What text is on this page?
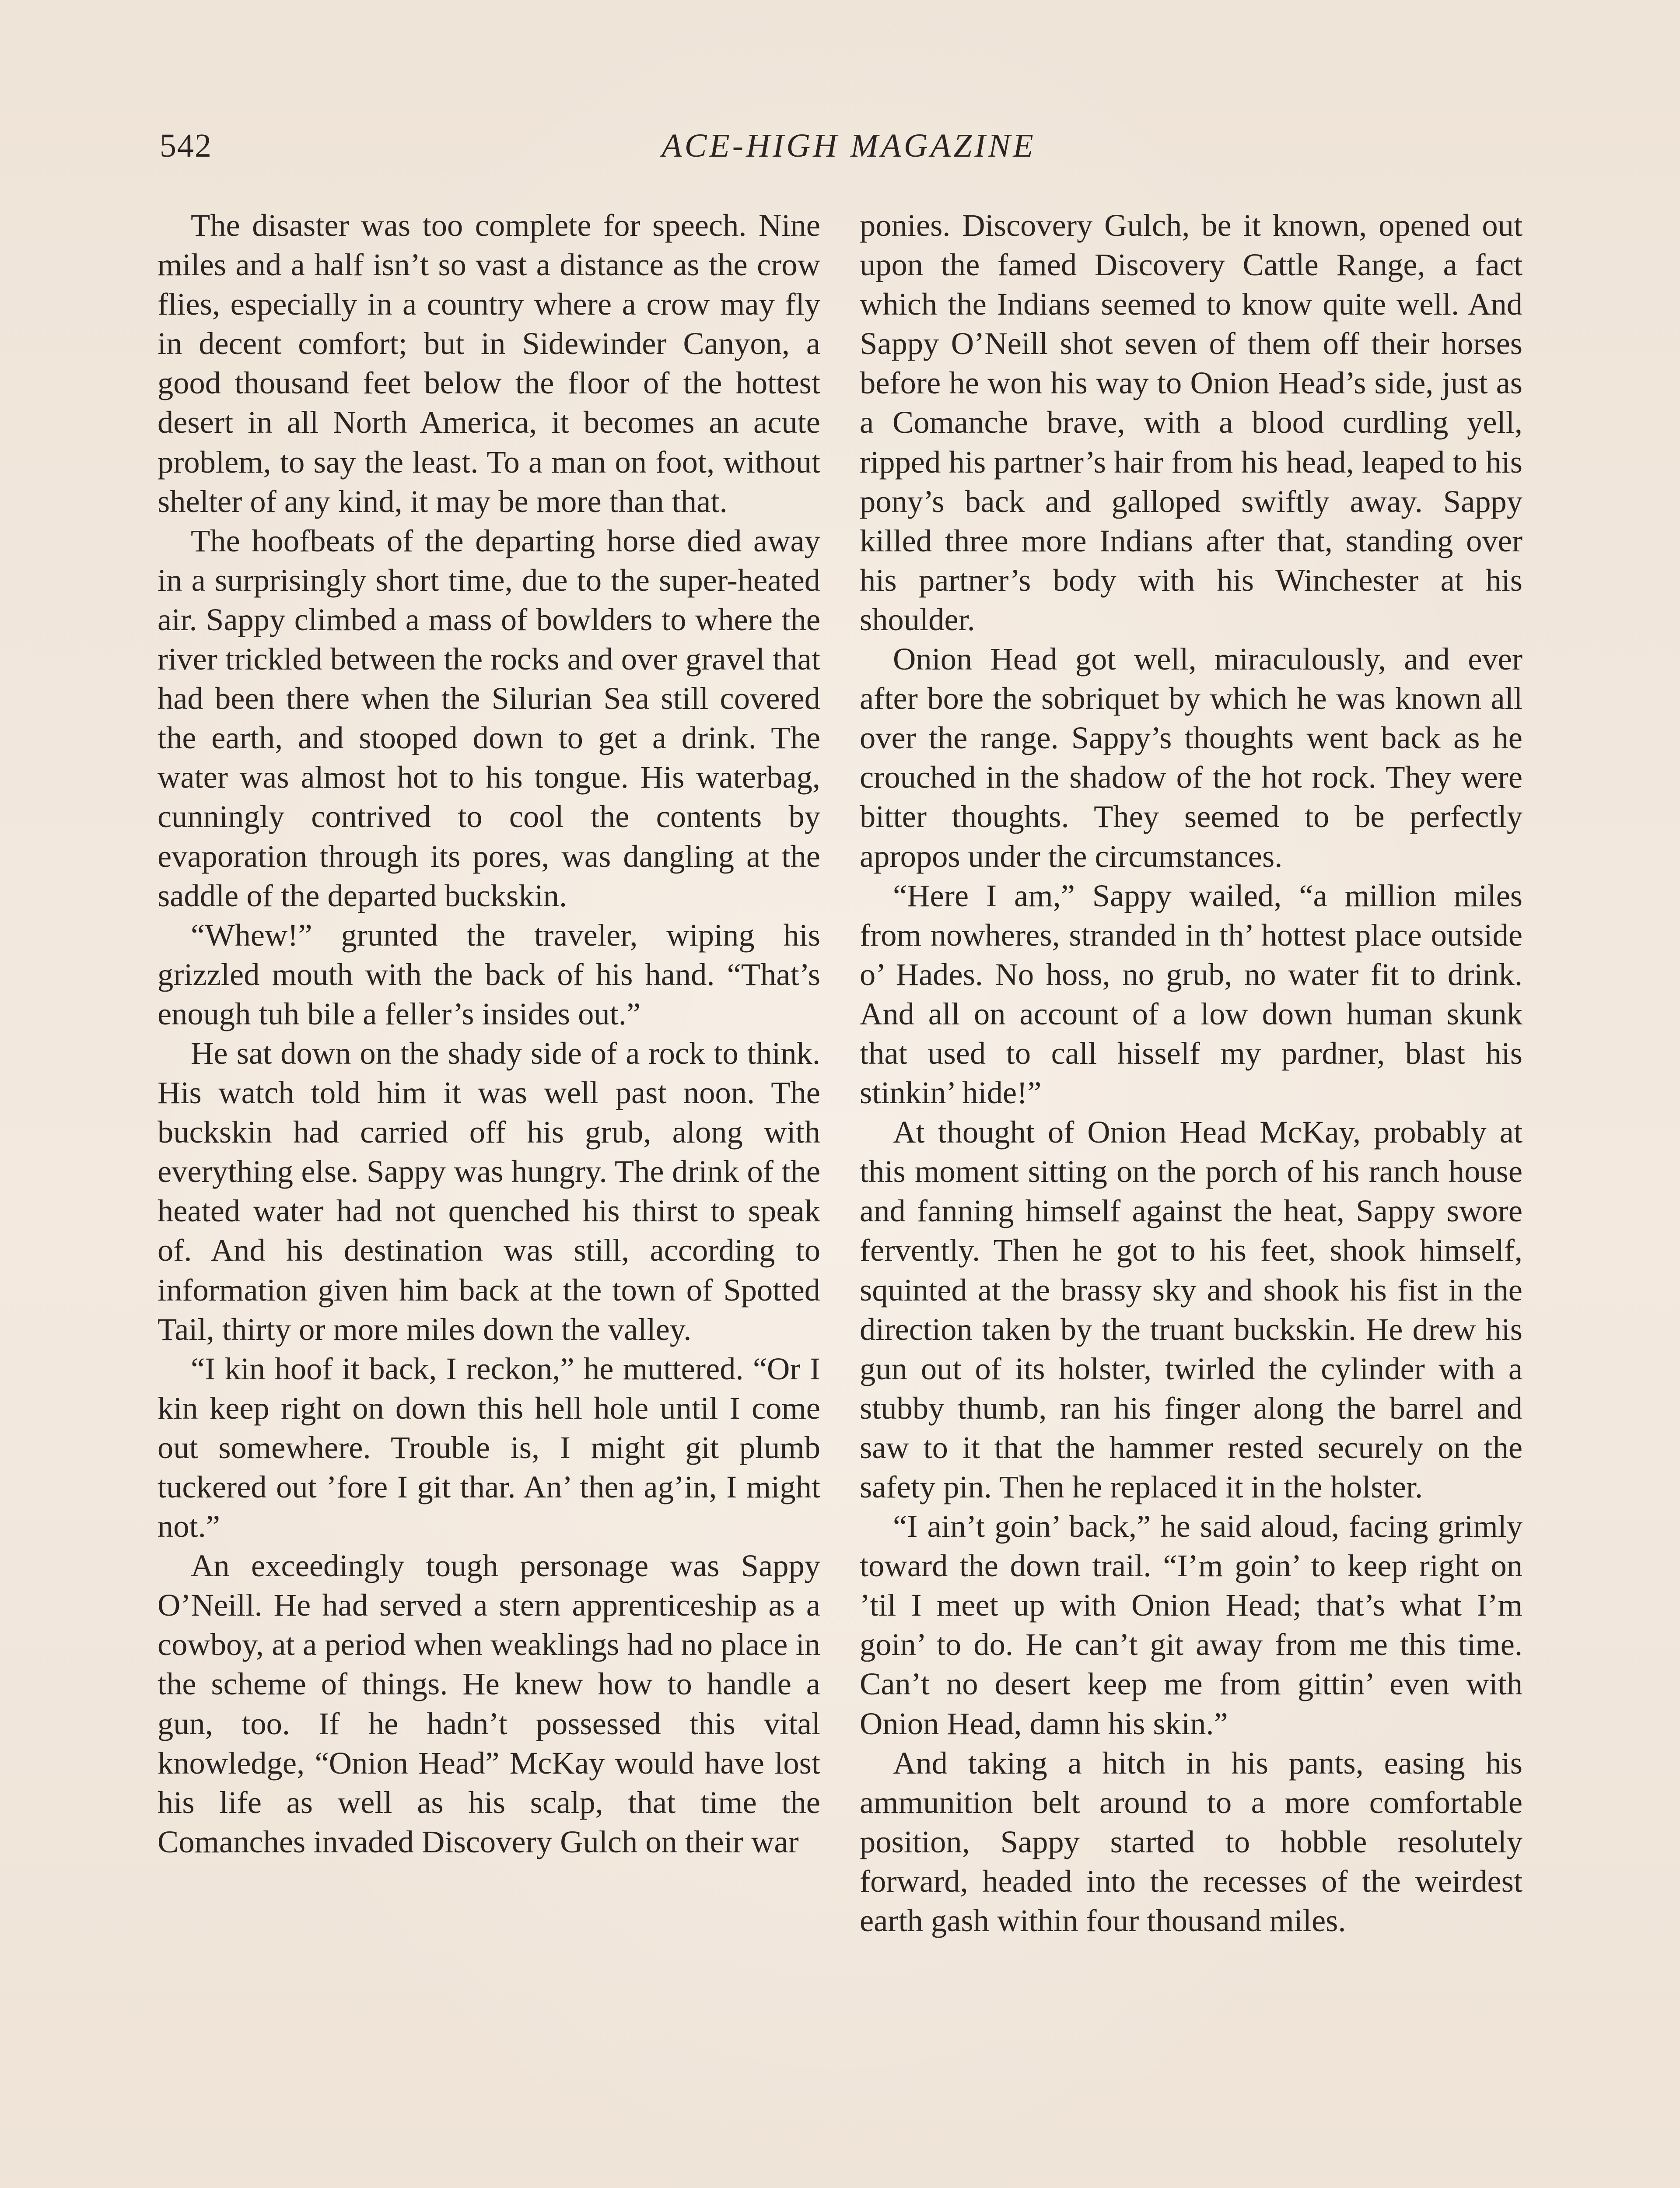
542	ACE-HIGH MAGAZINE

The disaster was too complete for speech. Nine miles and a half isn’t so vast a distance as the crow flies, especially in a country where a crow may fly in decent comfort; but in Sidewinder Canyon, a good thousand feet below the floor of the hottest desert in all North America, it becomes an acute problem, to say the least. To a man on foot, without shelter of any kind, it may be more than that.

The hoofbeats of the departing horse died away in a surprisingly short time, due to the super-heated air. Sappy climbed a mass of bowlders to where the river trickled between the rocks and over gravel that had been there when the Silurian Sea still covered the earth, and stooped down to get a drink. The water was almost hot to his tongue. His waterbag, cunningly contrived to cool the contents by evaporation through its pores, was dangling at the saddle of the departed buckskin.

“Whew!” grunted the traveler, wiping his grizzled mouth with the back of his hand. “That’s enough tuh bile a feller’s insides out.”

He sat down on the shady side of a rock to think. His watch told him it was well past noon. The buckskin had carried off his grub, along with everything else. Sappy was hungry. The drink of the heated water had not quenched his thirst to speak of. And his destination was still, according to information given him back at the town of Spotted Tail, thirty or more miles down the valley.

“I kin hoof it back, I reckon,” he muttered. “Or I kin keep right on down this hell hole until I come out somewhere. Trouble is, I might git plumb tuckered out ’fore I git thar. An’ then ag’in, I might not.”

An exceedingly tough personage was Sappy O’Neill. He had served a stern apprenticeship as a cowboy, at a period when weaklings had no place in the scheme of things. He knew how to handle a gun, too. If he hadn’t possessed this vital knowledge, “Onion Head” McKay would have lost his life as well as his scalp, that time the Comanches invaded Discovery Gulch on their war

ponies. Discovery Gulch, be it known, opened out upon the famed Discovery Cattle Range, a fact which the Indians seemed to know quite well. And Sappy O’Neill shot seven of them off their horses before he won his way to Onion Head’s side, just as a Comanche brave, with a blood curdling yell, ripped his partner’s hair from his head, leaped to his pony’s back and galloped swiftly away. Sappy killed three more Indians after that, standing over his partner’s body with his Winchester at his shoulder.

Onion Head got well, miraculously, and ever after bore the sobriquet by which he was known all over the range. Sappy’s thoughts went back as he crouched in the shadow of the hot rock. They were bitter thoughts. They seemed to be perfectly apropos under the circumstances.

“Here I am,” Sappy wailed, “a million miles from nowheres, stranded in th’ hottest place outside o’ Hades. No hoss, no grub, no water fit to drink. And all on account of a low down human skunk that used to call hisself my pardner, blast his stinkin’ hide!”

At thought of Onion Head McKay, probably at this moment sitting on the porch of his ranch house and fanning himself against the heat, Sappy swore fervently. Then he got to his feet, shook himself, squinted at the brassy sky and shook his fist in the direction taken by the truant buckskin. He drew his gun out of its holster, twirled the cylinder with a stubby thumb, ran his finger along the barrel and saw to it that the hammer rested securely on the safety pin. Then he replaced it in the holster.

“I ain’t goin’ back,” he said aloud, facing grimly toward the down trail. “I’m goin’ to keep right on ’til I meet up with Onion Head; that’s what I’m goin’ to do. He can’t git away from me this time. Can’t no desert keep me from gittin’ even with Onion Head, damn his skin.”

And taking a hitch in his pants, easing his ammunition belt around to a more comfortable position, Sappy started to hobble resolutely forward, headed into the recesses of the weirdest earth gash within four thousand miles.
